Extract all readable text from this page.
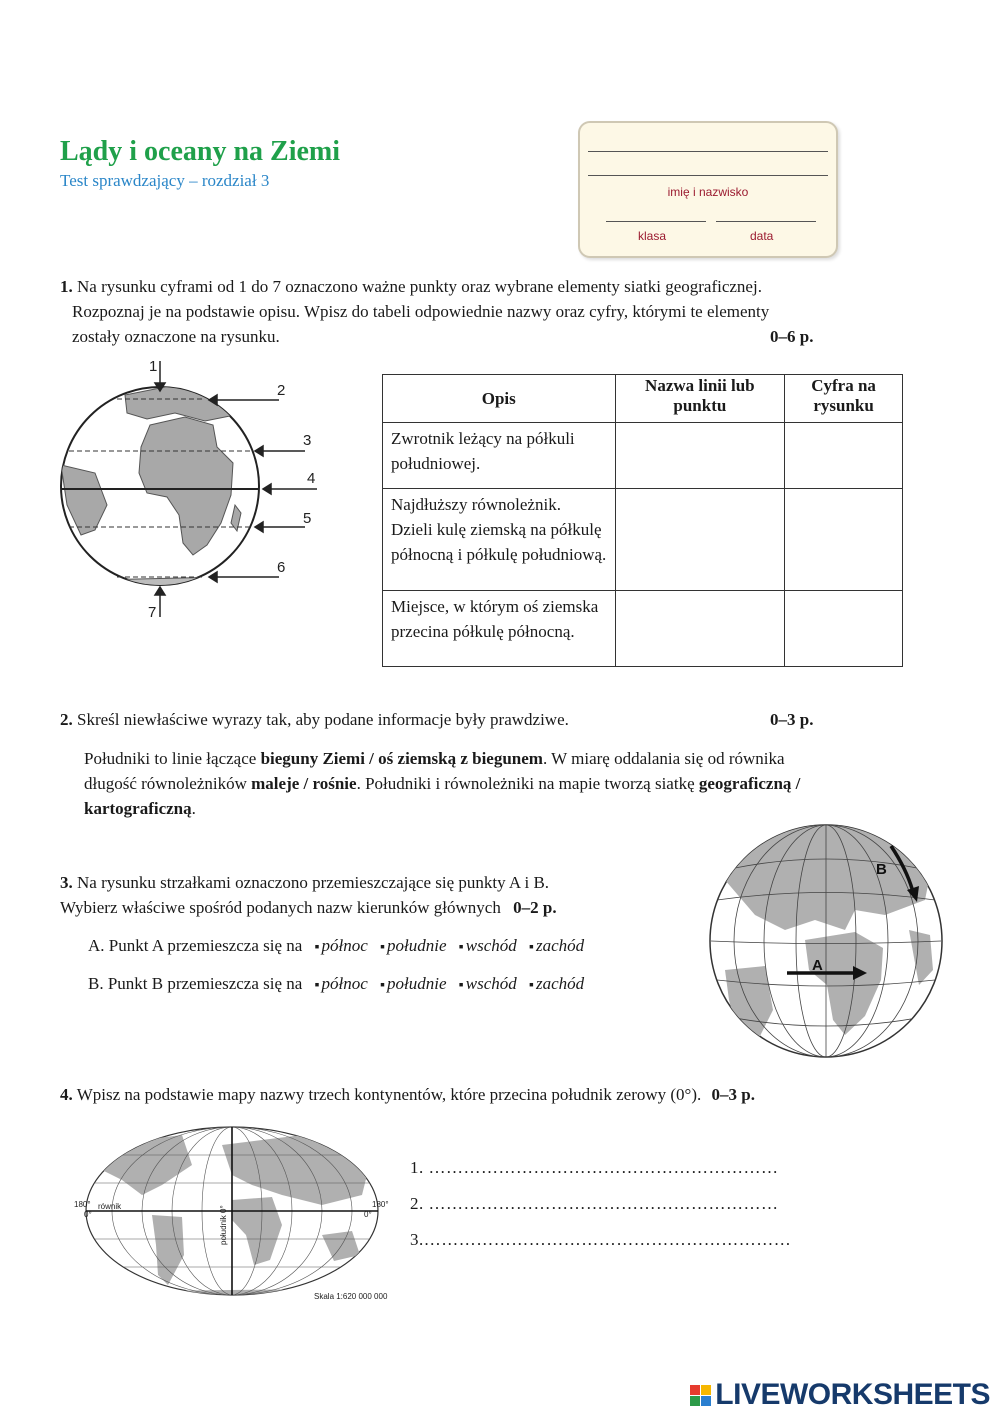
Lądy i oceany na Ziemi
Test sprawdzający – rozdział 3
imię i nazwisko
klasa	data
1. Na rysunku cyframi od 1 do 7 oznaczono ważne punkty oraz wybrane elementy siatki geograficznej.
Rozpoznaj je na podstawie opisu. Wpisz do tabeli odpowiednie nazwy oraz cyfry, którymi te elementy
zostały oznaczone na rysunku.	0–6 p.
1
2
3
4
5
6
7
Opis	Nazwa linii lub punktu	Cyfra na rysunku
Zwrotnik leżący na półkuli południowej.		
Najdłuższy równoleżnik. Dzieli kulę ziemską na półkulę północną i półkulę południową.		
Miejsce, w którym oś ziemska przecina półkulę północną.		
2. Skreśl niewłaściwe wyrazy tak, aby podane informacje były prawdziwe.	0–3 p.
Południki to linie łączące bieguny Ziemi / oś ziemską z biegunem. W miarę oddalania się od równika
długość równoleżników maleje / rośnie. Południki i równoleżniki na mapie tworzą siatkę geograficzną /
kartograficzną.
3. Na rysunku strzałkami oznaczono przemieszczające się punkty A i B.
Wybierz właściwe spośród podanych nazw kierunków głównych 0–2 p.
A. Punkt A przemieszcza się na ▪ północ ▪ południe ▪ wschód ▪ zachód
B. Punkt B przemieszcza się na ▪ północ ▪ południe ▪ wschód ▪ zachód
A
B
4. Wpisz na podstawie mapy nazwy trzech kontynentów, które przecina południk zerowy (0°). 0–3 p.
180°	180°
równik
0°	0°
południk 0°
Skala 1:620 000 000
1. ……………………………………………………
2. ……………………………………………………
3.………………………………………………………
LIVEWORKSHEETS
